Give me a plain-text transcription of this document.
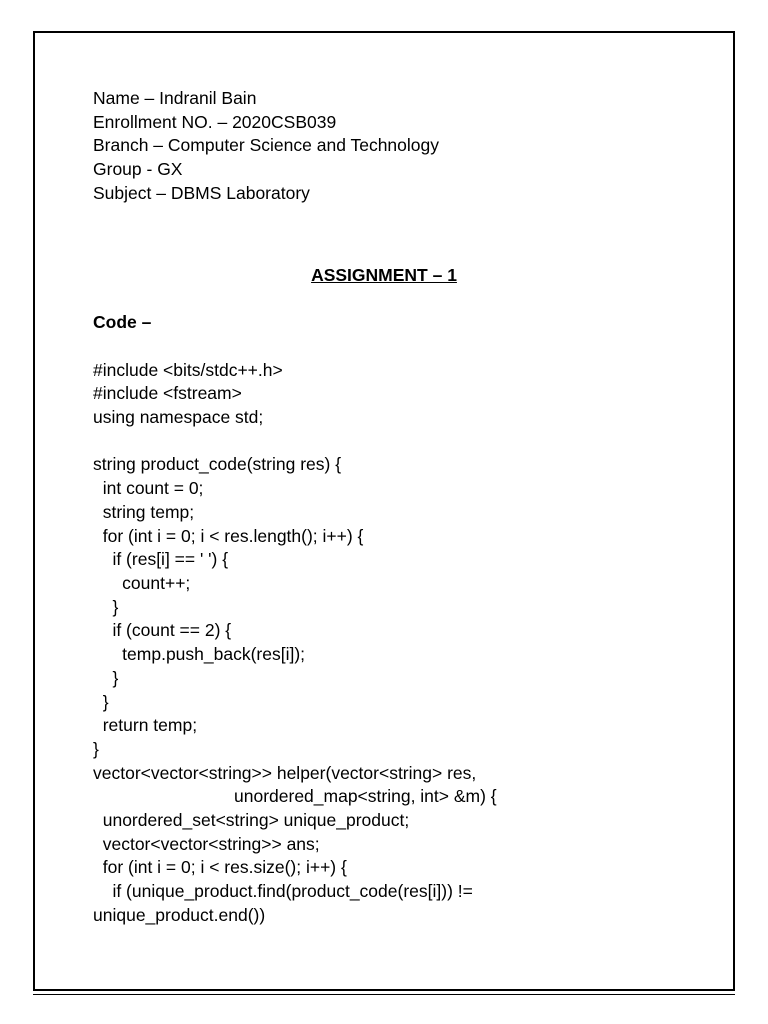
Name – Indranil Bain
Enrollment NO. – 2020CSB039
Branch – Computer Science and Technology
Group - GX
Subject – DBMS Laboratory
ASSIGNMENT – 1
Code –
#include <bits/stdc++.h>
#include <fstream>
using namespace std;
string product_code(string res) {
int count = 0;
string temp;
for (int i = 0; i < res.length(); i++) {
if (res[i] == ' ') {
count++;
}
if (count == 2) {
temp.push_back(res[i]);
}
}
return temp;
}
vector<vector<string>> helper(vector<string> res,
unordered_map<string, int> &m) {
unordered_set<string> unique_product;
vector<vector<string>> ans;
for (int i = 0; i < res.size(); i++) {
if (unique_product.find(product_code(res[i])) !=
unique_product.end())
